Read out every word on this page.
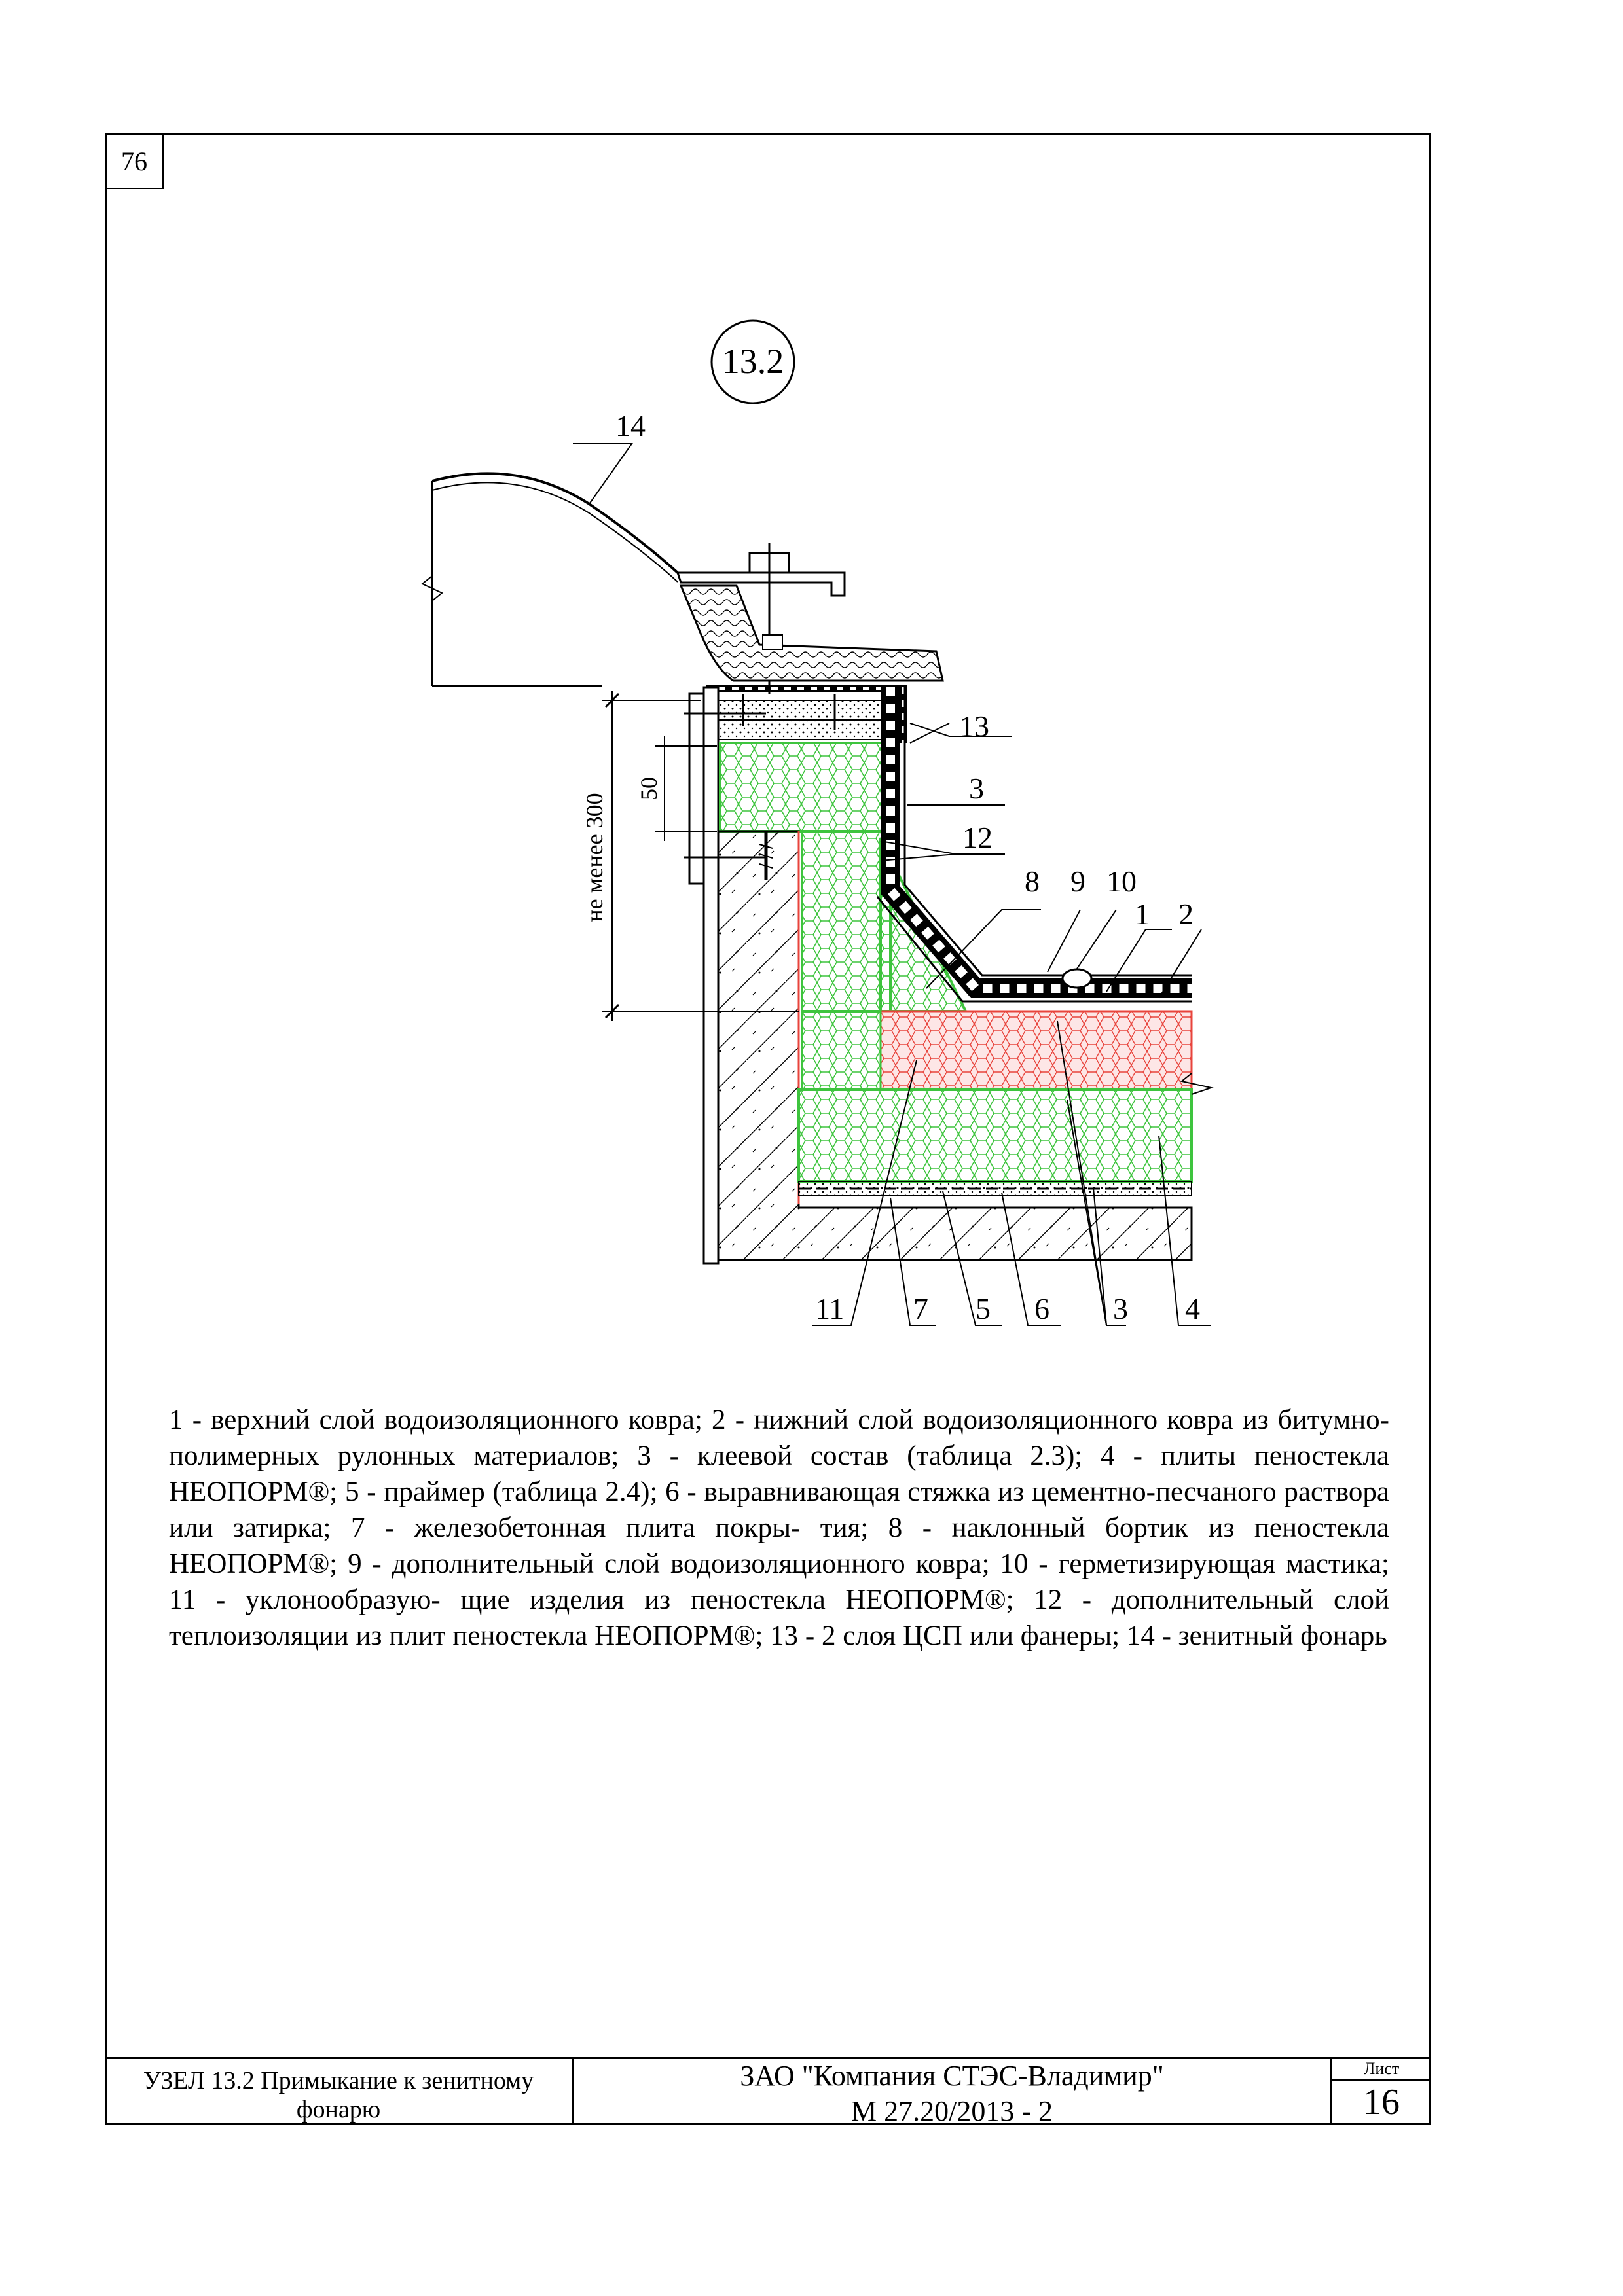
76
13.2
не менее 300
50
14
13
3
12
8 9 10
1 2
11 7 5 6 3 4

1 - верхний слой водоизоляционного ковра; 2 - нижний слой водоизоляционного ковра из битумно-полимерных рулонных материалов; 3 - клеевой состав (таблица 2.3); 4 - плиты пеностекла НЕОПОРМ®; 5 - праймер (таблица 2.4); 6 - выравнивающая стяжка из цементно-песчаного раствора или затирка; 7 - железобетонная плита покры- тия; 8 - наклонный бортик из пеностекла НЕОПОРМ®; 9 - дополнительный слой водоизоляционного ковра; 10 - герметизирующая мастика; 11 - уклонообразую- щие изделия из пеностекла НЕОПОРМ®; 12 - дополнительный слой теплоизоляции из плит пеностекла НЕОПОРМ®; 13 - 2 слоя ЦСП или фанеры; 14 - зенитный фонарь

УЗЕЛ 13.2 Примыкание к зенитному
фонарю
ЗАО "Компания СТЭС-Владимир"
М 27.20/2013 - 2
Лист
16
